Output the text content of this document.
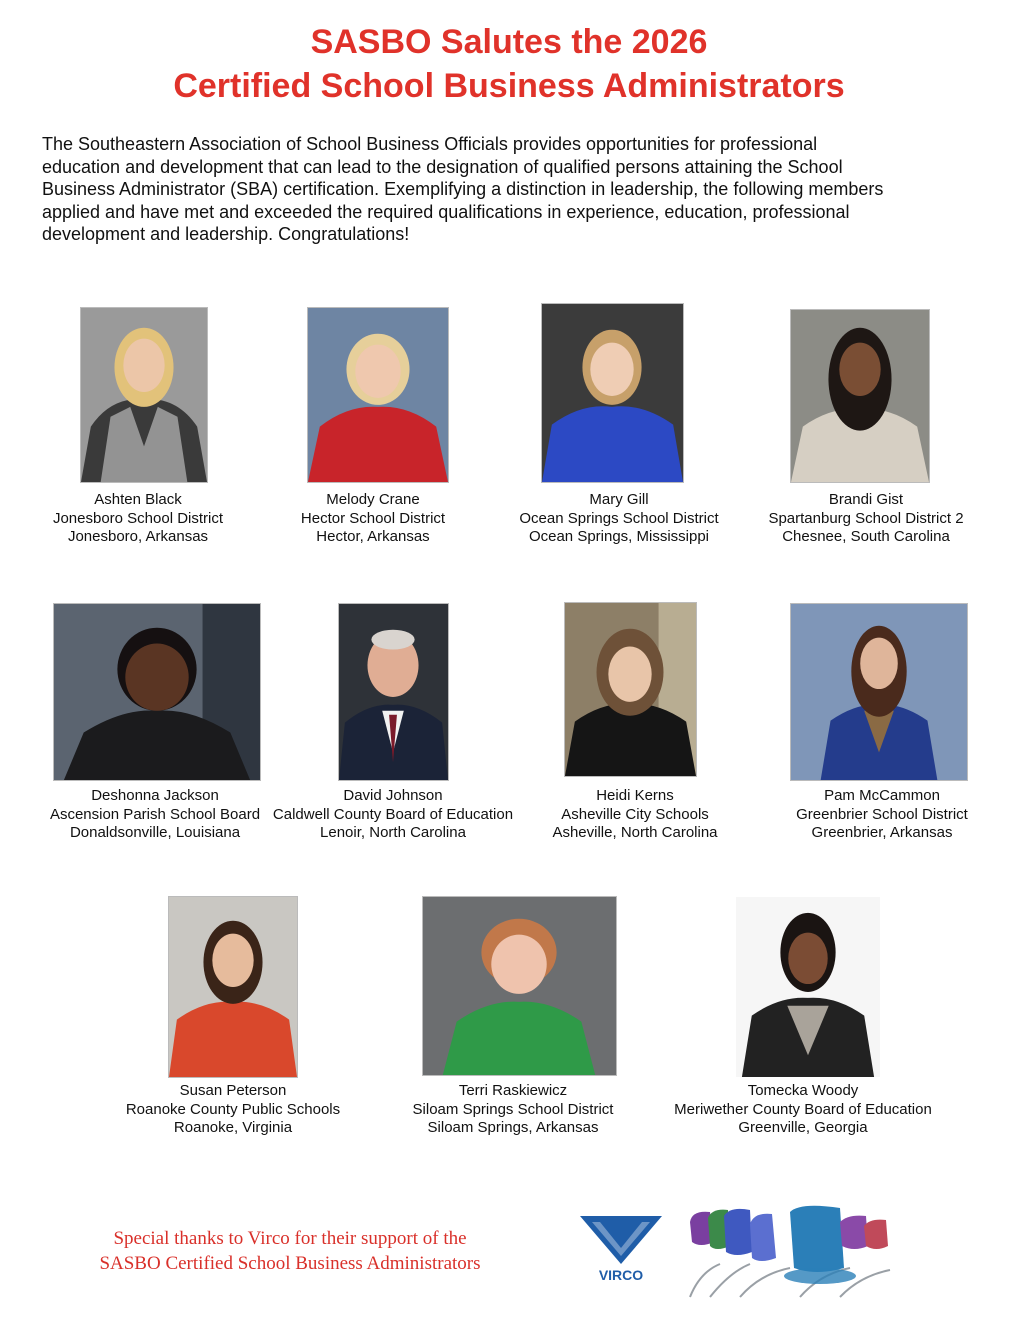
SASBO Salutes the 2026
Certified School Business Administrators
The Southeastern Association of School Business Officials provides opportunities for professional
education and development that can lead to the designation of qualified persons attaining the School
Business Administrator (SBA) certification. Exemplifying a distinction in leadership, the following members
applied and have met and exceeded the required qualifications in experience, education, professional
development and leadership. Congratulations!
Ashten Black
Jonesboro School District
Jonesboro, Arkansas
Melody Crane
Hector School District
Hector, Arkansas
Mary Gill
Ocean Springs School District
Ocean Springs, Mississippi
Brandi Gist
Spartanburg School District 2
Chesnee, South Carolina
Deshonna Jackson
Ascension Parish School Board
Donaldsonville, Louisiana
David Johnson
Caldwell County Board of Education
Lenoir, North Carolina
Heidi Kerns
Asheville City Schools
Asheville, North Carolina
Pam McCammon
Greenbrier School District
Greenbrier, Arkansas
Susan Peterson
Roanoke County Public Schools
Roanoke, Virginia
Terri Raskiewicz
Siloam Springs School District
Siloam Springs, Arkansas
Tomecka Woody
Meriwether County Board of Education
Greenville, Georgia
Special thanks to Virco for their support of the
SASBO Certified School Business Administrators
VIRCO
